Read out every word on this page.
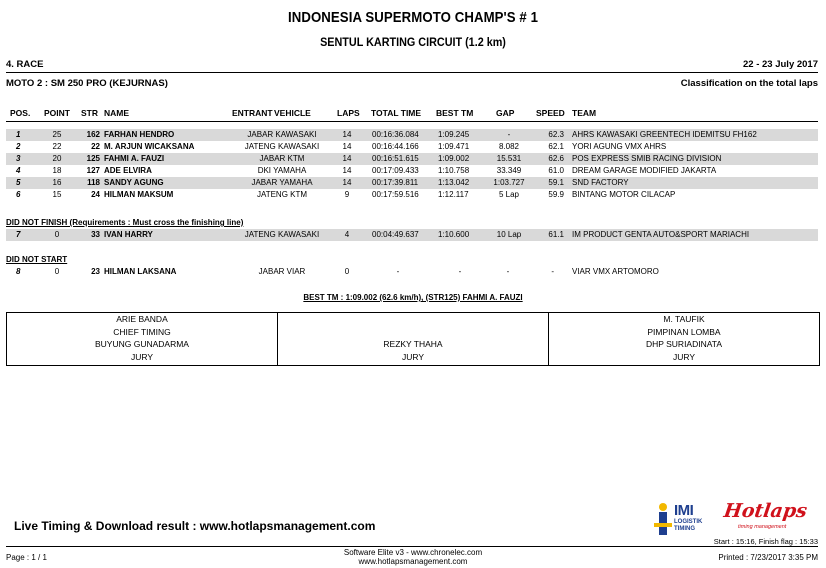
INDONESIA SUPERMOTO CHAMP'S # 1
SENTUL KARTING CIRCUIT (1.2 km)
4. RACE	22 - 23 July 2017
MOTO 2 : SM 250 PRO (KEJURNAS)	Classification on the total laps
POS. POINT STR NAME	ENTRANT VEHICLE	LAPS TOTAL TIME BEST TM	GAP	SPEED TEAM
1	25	162 FARHAN HENDRO	JABAR KAWASAKI	14	00:16:36.084 1:09.245	-	62.3 AHRS KAWASAKI GREENTECH IDEMITSU FH162
2	22	22 M. ARJUN WICAKSANA	JATENG KAWASAKI	14	00:16:44.166 1:09.471	8.082	62.1 YORI AGUNG VMX AHRS
3	20	125 FAHMI A. FAUZI	JABAR KTM	14	00:16:51.615 1:09.002	15.531	62.6 POS EXPRESS SMIB RACING DIVISION
4	18	127 ADE ELVIRA	DKI YAMAHA	14	00:17:09.433 1:10.758	33.349	61.0 DREAM GARAGE MODIFIED JAKARTA
5	16	118 SANDY AGUNG	JABAR YAMAHA	14	00:17:39.811 1:13.042	1:03.727	59.1 SND FACTORY
6	15	24 HILMAN MAKSUM	JATENG KTM	9	00:17:59.516 1:12.117	5 Lap	59.9 BINTANG MOTOR CILACAP
DID NOT FINISH (Requirements : Must cross the finishing line)
7	0	33 IVAN HARRY	JATENG KAWASAKI	4	00:04:49.637 1:10.600	10 Lap	61.1 IM PRODUCT GENTA AUTO&SPORT MARIACHI
DID NOT START
8	0	23 HILMAN LAKSANA	JABAR VIAR	0	-	-	-	- VIAR VMX ARTOMORO
BEST TM : 1:09.002 (62.6 km/h), (STR125) FAHMI A. FAUZI
ARIE BANDA
CHIEF TIMING
BUYUNG GUNADARMA
JURY
REZKY THAHA
JURY
M. TAUFIK
PIMPINAN LOMBA
DHP SURIADINATA
JURY
Live Timing & Download result : www.hotlapsmanagement.com
IMI
LOGISTIK
TIMING
Hotlaps
timing management
Start : 15:16, Finish flag : 15:33
Page : 1 / 1
Software Elite v3 - www.chronelec.com
www.hotlapsmanagement.com	Printed : 7/23/2017 3:35 PM
